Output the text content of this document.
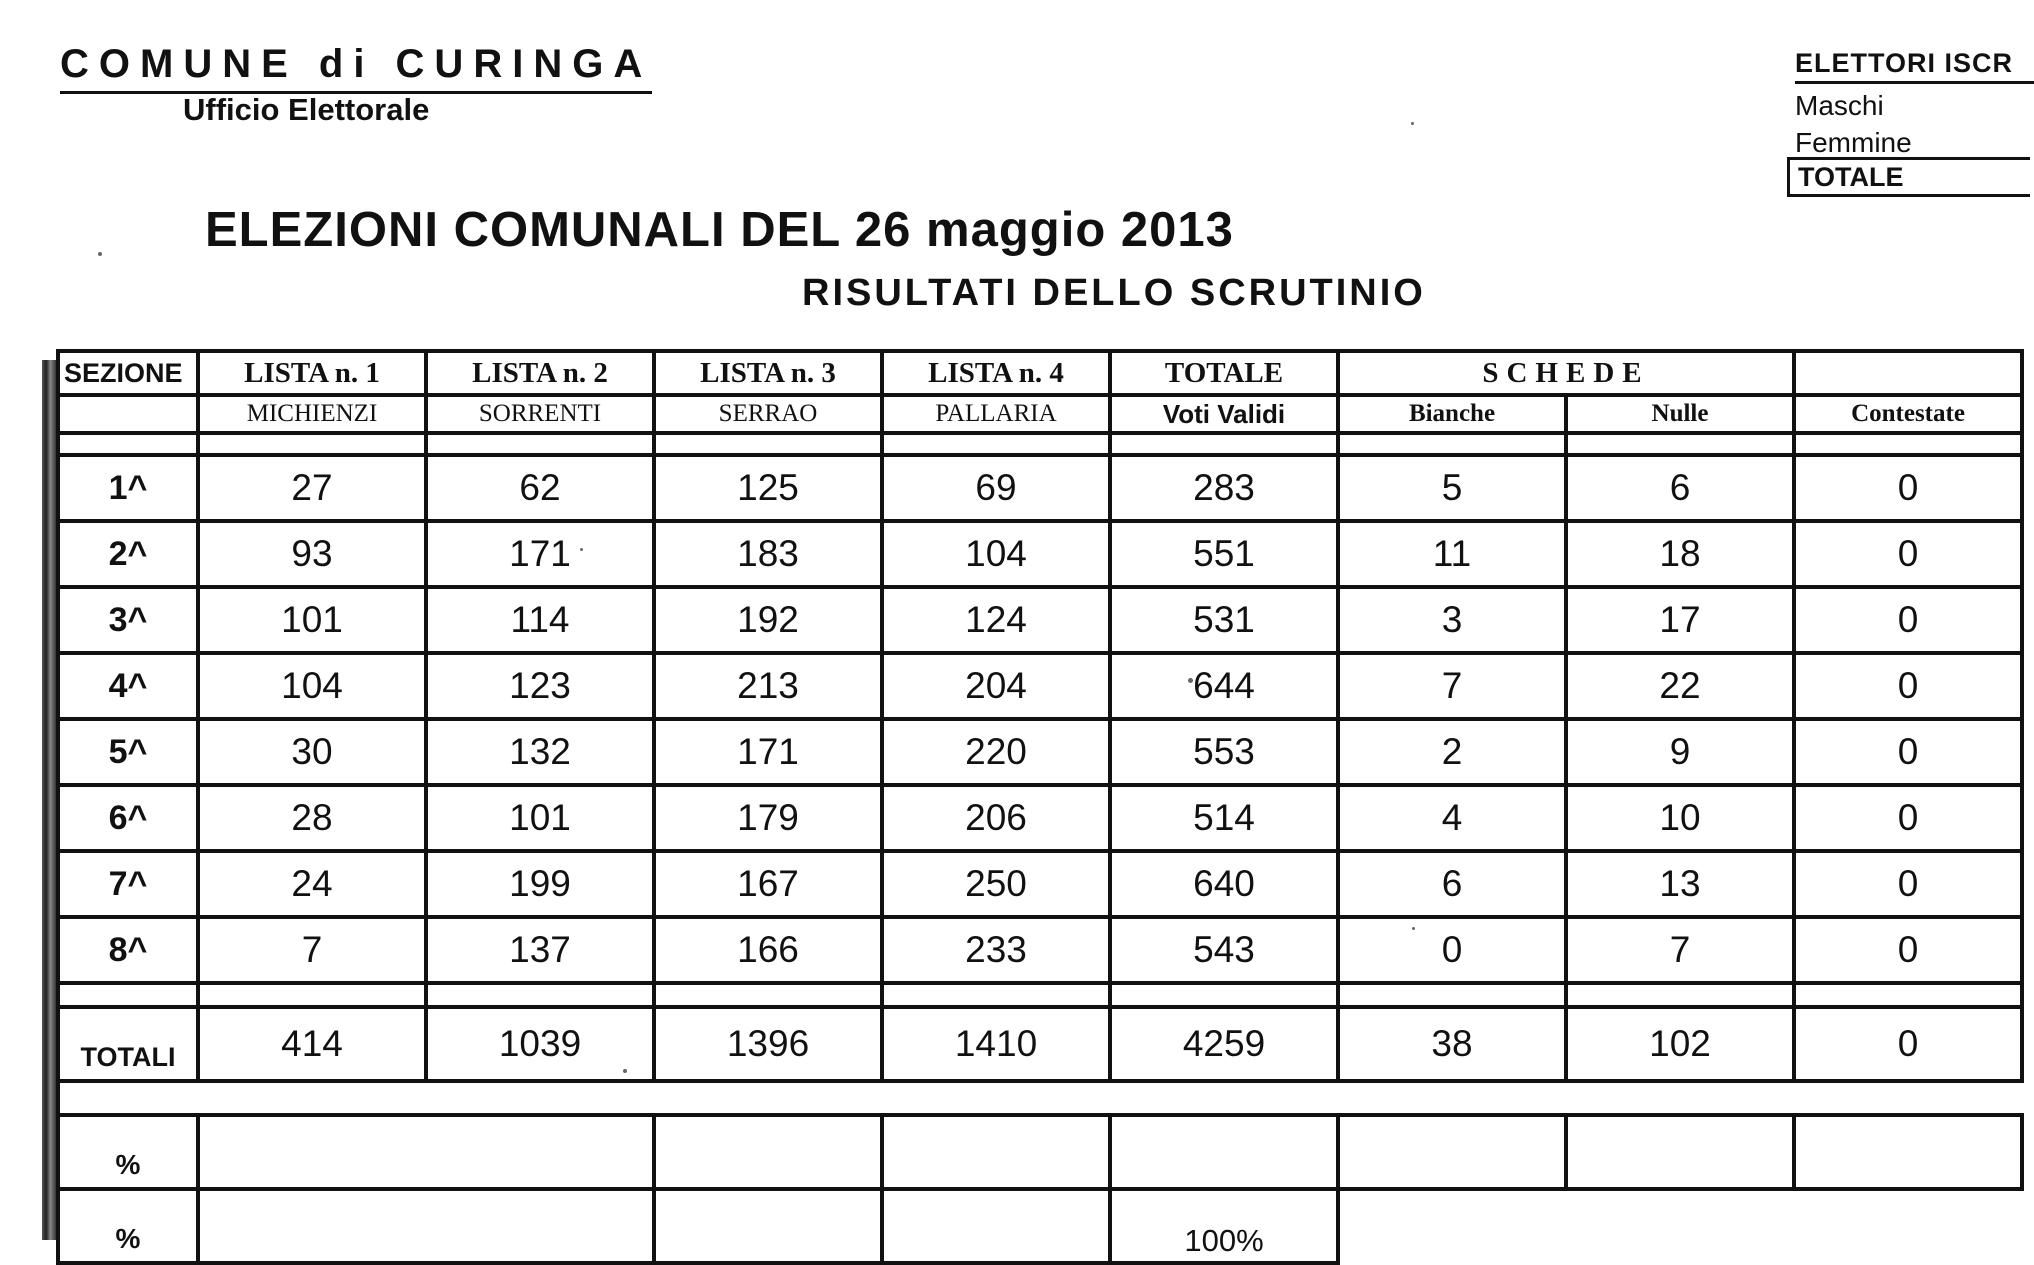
COMUNE di CURINGA
Ufficio Elettorale
ELETTORI ISCR
Maschi
Femmine
TOTALE
ELEZIONI COMUNALI DEL 26 maggio 2013
RISULTATI DELLO SCRUTINIO
SEZIONE	LISTA n. 1	LISTA n. 2	LISTA n. 3	LISTA n. 4	TOTALE	SCHEDE		
	MICHIENZI	SORRENTI	SERRAO	PALLARIA	Voti Validi	Bianche	Nulle	Contestate

1^	27	62	125	69	283	5	6	0
2^	93	171	183	104	551	11	18	0
3^	101	114	192	124	531	3	17	0
4^	104	123	213	204	644	7	22	0
5^	30	132	171	220	553	2	9	0
6^	28	101	179	206	514	4	10	0
7^	24	199	167	250	640	6	13	0
8^	7	137	166	233	543	0	7	0

TOTALI	414	1039	1396	1410	4259	38	102	0

%								
%					100%			
